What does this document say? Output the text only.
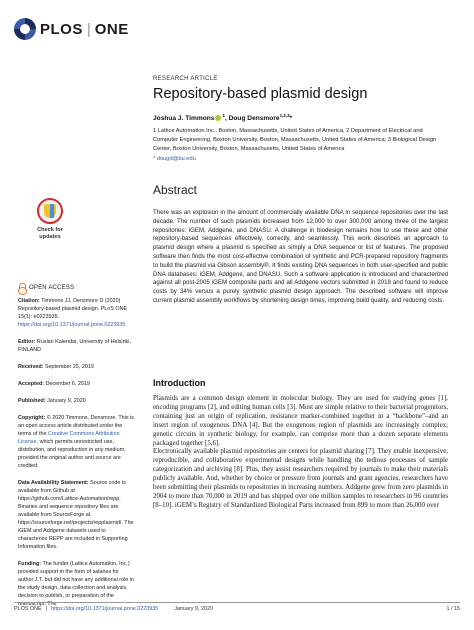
PLOS | ONE
Check for updates
OPEN ACCESS
Citation: Timmons JJ, Densmore D (2020) Repository-based plasmid design. PLoS ONE 15(1): e0223935. https://doi.org/10.1371/journal.pone.0223935
Editor: Ruslan Kalendar, University of Helsinki, FINLAND
Received: September 25, 2019
Accepted: December 6, 2019
Published: January 9, 2020
Copyright: © 2020 Timmons, Densmore. This is an open access article distributed under the terms of the Creative Commons Attribution License, which permits unrestricted use, distribution, and reproduction in any medium, provided the original author and source are credited.
Data Availability Statement: Source code is available from Github at https://github.com/Lattice-Automation/repp. Binaries and sequence repository files are available from SourceForge at https://sourceforge.net/projects/repplasmid/. The iGEM and Addgene datasets used to characterize REPP are included in Supporting Information files.
Funding: The funder (Lattice Automation, Inc.) provided support in the form of salaries for author J.T. but did not have any additional role in the study design, data collection and analysis, decision to publish, or preparation of the manuscript. The
RESEARCH ARTICLE
Repository-based plasmid design
Joshua J. Timmons $^1$, Doug Densmore$^{1,2,3}$*
1 Lattice Automation Inc., Boston, Massachusetts, United States of America, 2 Department of Electrical and Computer Engineering, Boston University, Boston, Massachusetts, United States of America, 3 Biological Design Center, Boston University, Boston, Massachusetts, United States of America
* dougd@bu.edu
Abstract
There was an explosion in the amount of commercially available DNA in sequence repositories over the last decade. The number of such plasmids increased from 12,000 to over 300,000 among three of the largest repositories: iGEM, Addgene, and DNASU. A challenge in biodesign remains how to use these and other repository-based sequences effectively, correctly, and seamlessly. This work describes an approach to plasmid design where a plasmid is specified as simply a DNA sequence or list of features. The proposed software then finds the most cost-effective combination of synthetic and PCR-prepared repository fragments to build the plasmid via Gibson assembly®. It finds existing DNA sequences in both user-specified and public DNA databases: iGEM, Addgene, and DNASU. Such a software application is introduced and characterized against all post-2005 iGEM composite parts and all Addgene vectors submitted in 2018 and found to reduce costs by 34% versus a purely synthetic plasmid design approach. The described software will improve current plasmid assembly workflows by shortening design times, improving build quality, and reducing costs.
Introduction

Plasmids are a common design element in molecular biology. They are used for studying genes [1], encoding programs [2], and editing human cells [3]. Most are simple relative to their bacterial progenitors, containing just an origin of replication, resistance marker-combined together in a “backbone”–and an insert region of exogenous DNA [4]. But the exogenous region of plasmids are increasingly complex; genetic circuits in synthetic biology, for example, can comprise more than a dozen separate elements packaged together [5,6].

Electronically available plasmid repositories are centers for plasmid sharing [7]. They enable inexpensive, reproducible, and collaborative experimental designs while handling the tedious processes of sample categorization and archiving [8]. Plus, they assist researchers required by journals to make their materials publicly available. And, whether by choice or pressure from journals and grant agencies, researchers have been submitting their plasmids to repositories in increasing numbers. Addgene grew from zero plasmids in 2004 to more than 70,000 in 2019 and has shipped over one million samples to researchers in 96 countries [8–10]. iGEM’s Registry of Standardized Biological Parts increased from 899 to more than 26,000 over

PLOS ONE | https://doi.org/10.1371/journal.pone.0223935	January 9, 2020	1 / 15
